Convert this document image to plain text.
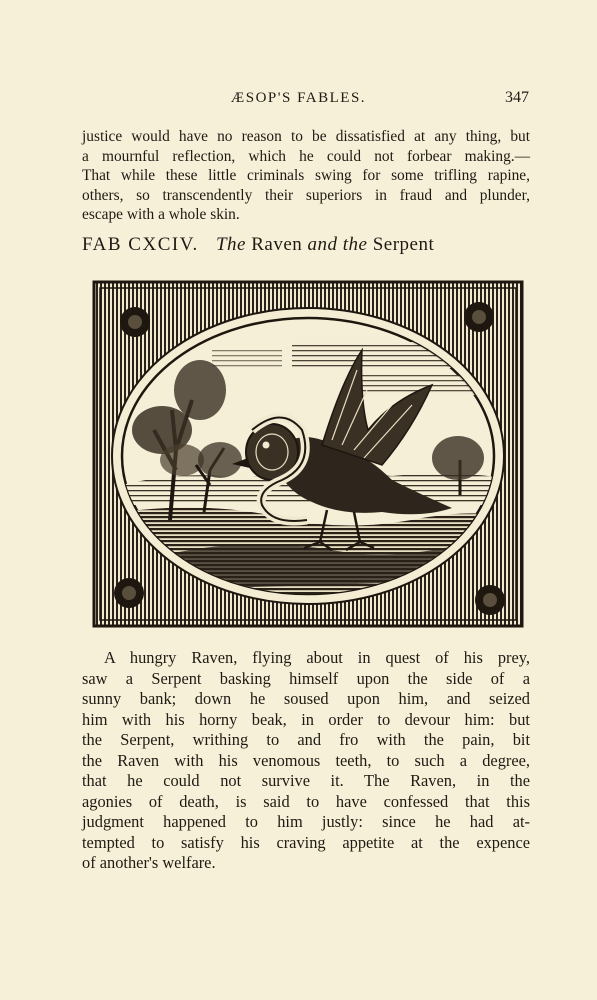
ÆSOP'S FABLES.	347

justice would have no reason to be dissatisfied at any thing, but
a mournful reflection, which he could not forbear making.—
That while these little criminals swing for some trifling rapine,
others, so transcendently their superiors in fraud and plunder,
escape with a whole skin.

FAB CXCIV. The Raven and the Serpent

A hungry Raven, flying about in quest of his prey,
saw a Serpent basking himself upon the side of a
sunny bank; down he soused upon him, and seized
him with his horny beak, in order to devour him: but
the Serpent, writhing to and fro with the pain, bit
the Raven with his venomous teeth, to such a degree,
that he could not survive it. The Raven, in the
agonies of death, is said to have confessed that this
judgment happened to him justly: since he had at-
tempted to satisfy his craving appetite at the expence
of another's welfare.
